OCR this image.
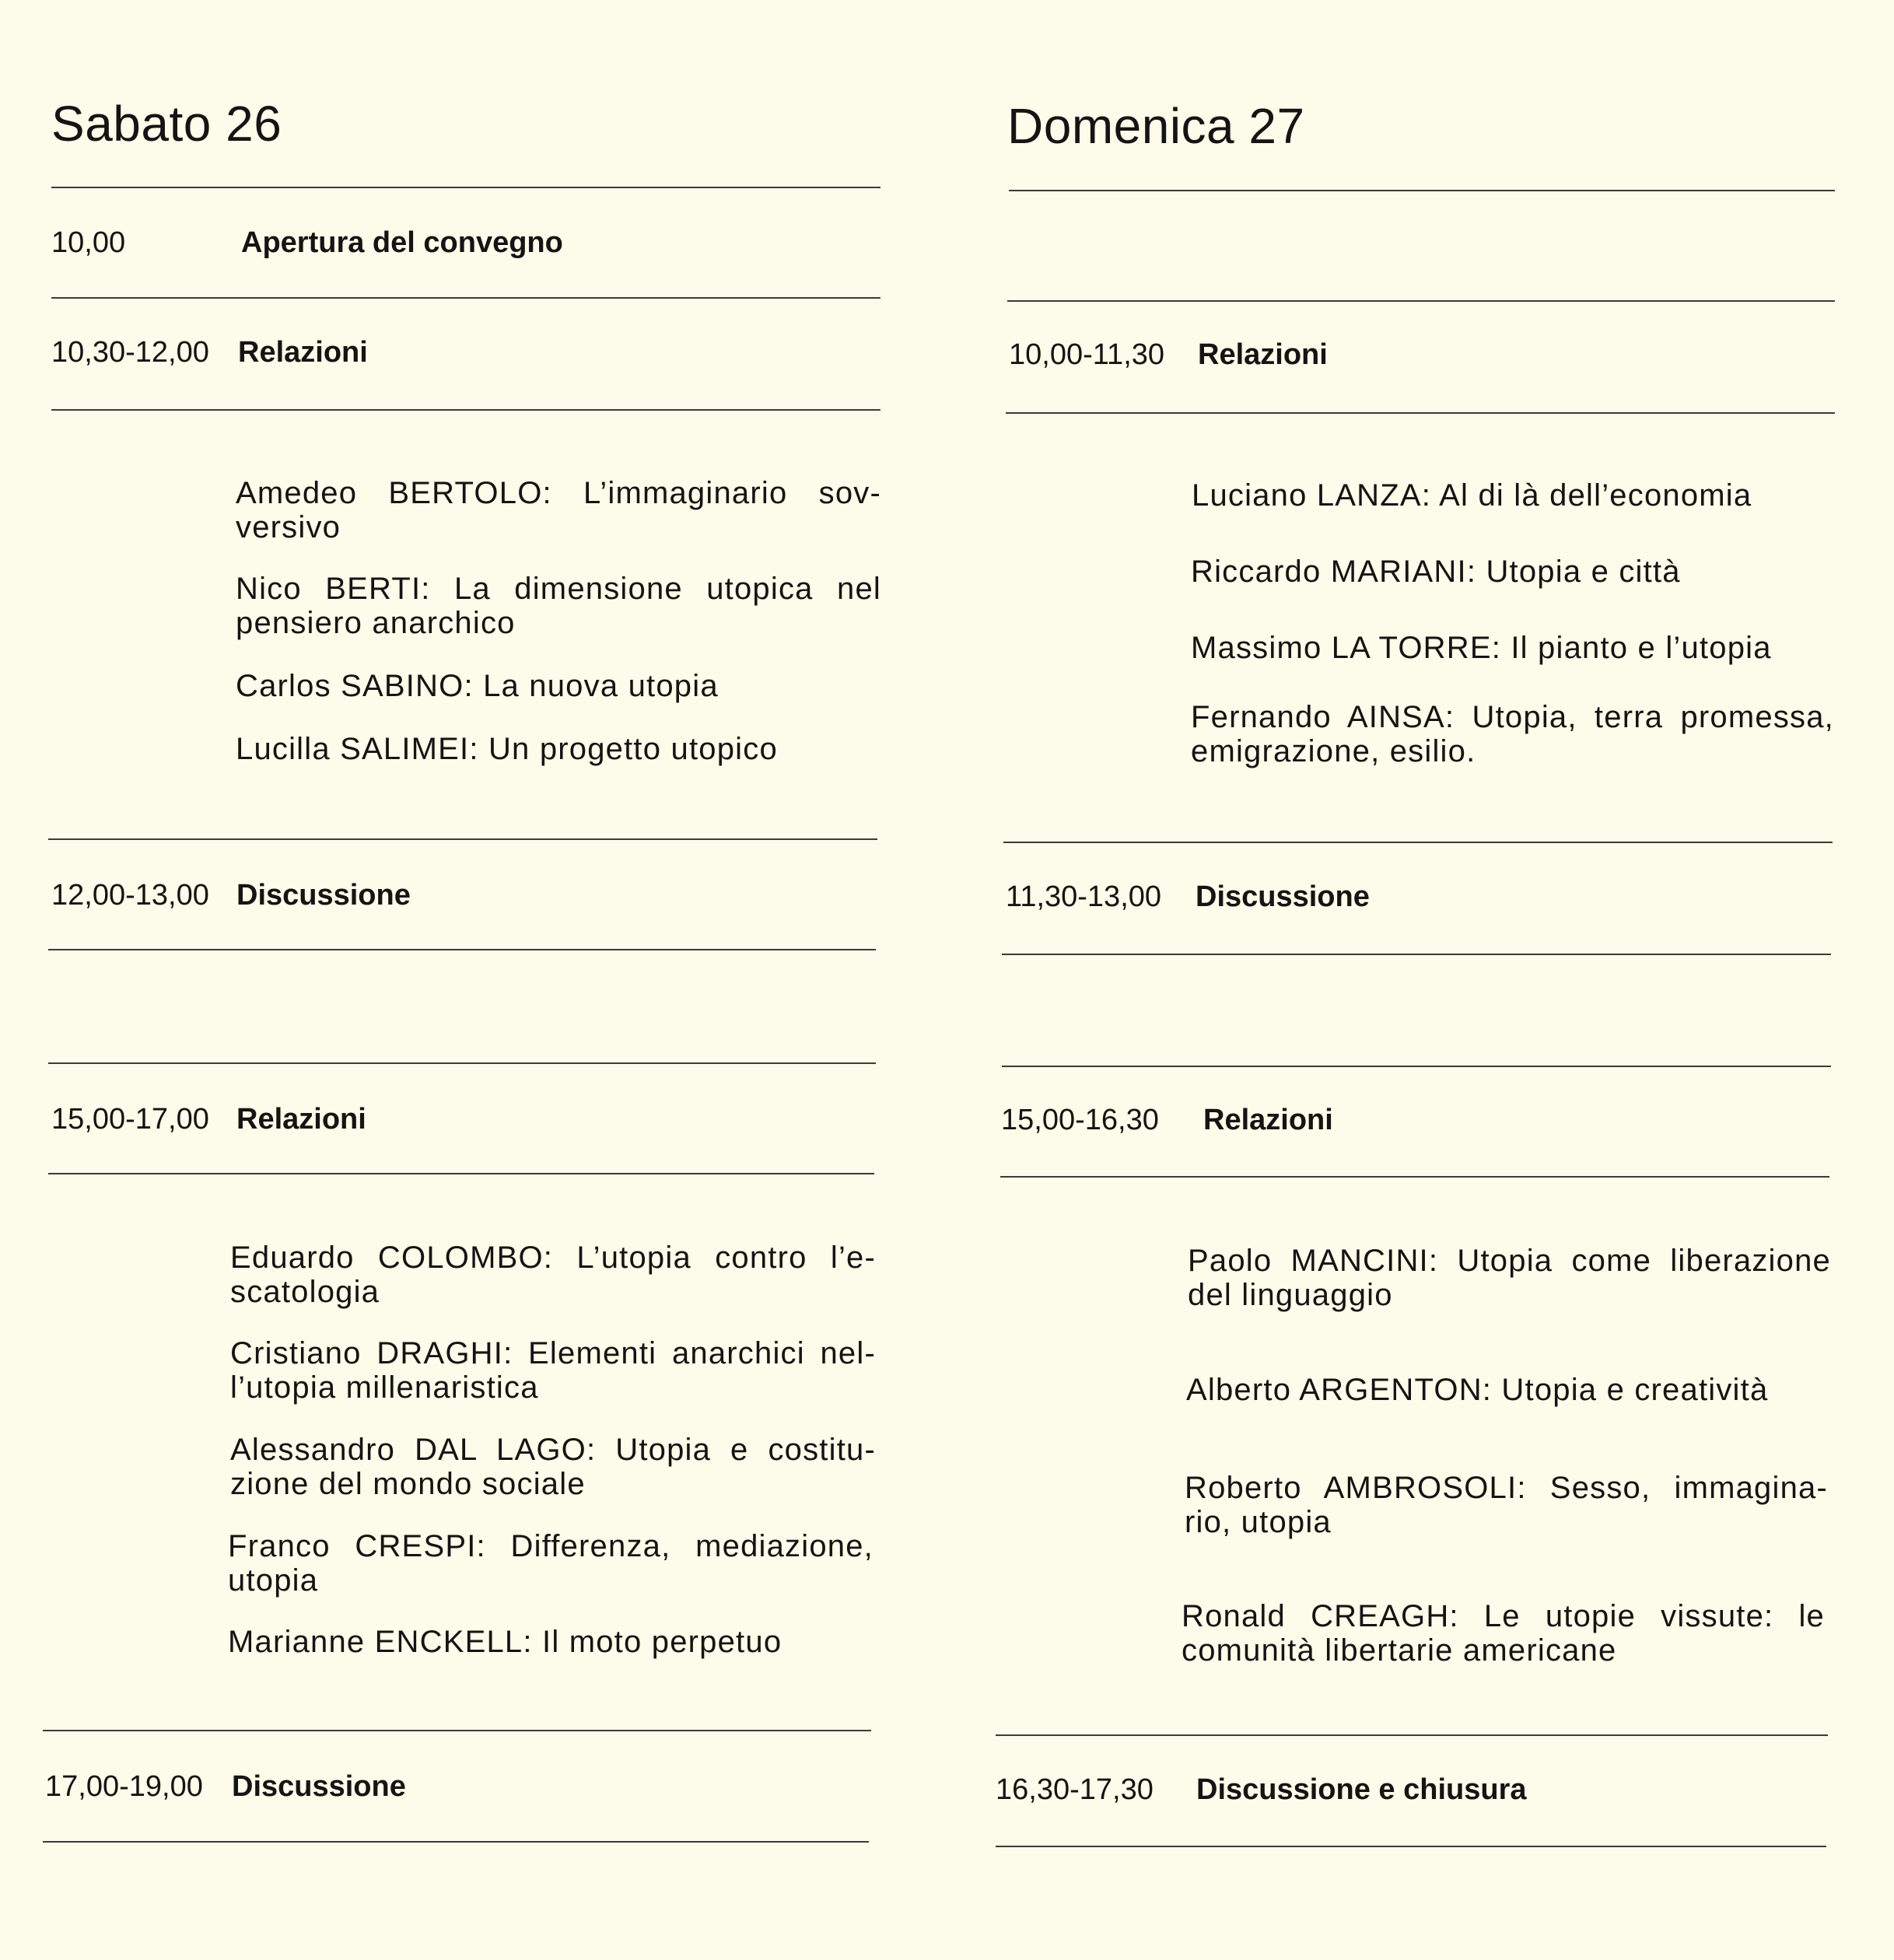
Sabato 26
10,00	Apertura del convegno
10,30-12,00 Relazioni

Amedeo BERTOLO: L’immaginario sov-versivo

Nico BERTI: La dimensione utopica nel pensiero anarchico

Carlos SABINO: La nuova utopia

Lucilla SALIMEI: Un progetto utopico

12,00-13,00 Discussione
15,00-17,00 Relazioni

Eduardo COLOMBO: L’utopia contro l’e-scatologia

Cristiano DRAGHI: Elementi anarchici nel-l’utopia millenaristica

Alessandro DAL LAGO: Utopia e costitu-zione del mondo sociale

Franco CRESPI: Differenza, mediazione, utopia

Marianne ENCKELL: Il moto perpetuo

17,00-19,00 Discussione
Domenica 27
10,00-11,30 Relazioni

Luciano LANZA: Al di là dell’economia

Riccardo MARIANI: Utopia e città

Massimo LA TORRE: Il pianto e l’utopia

Fernando AINSA: Utopia, terra promessa, emigrazione, esilio.

11,30-13,00 Discussione
15,00-16,30 Relazioni

Paolo MANCINI: Utopia come liberazione del linguaggio

Alberto ARGENTON: Utopia e creatività

Roberto AMBROSOLI: Sesso, immagina-rio, utopia

Ronald CREAGH: Le utopie vissute: le comunità libertarie americane

16,30-17,30 Discussione e chiusura
